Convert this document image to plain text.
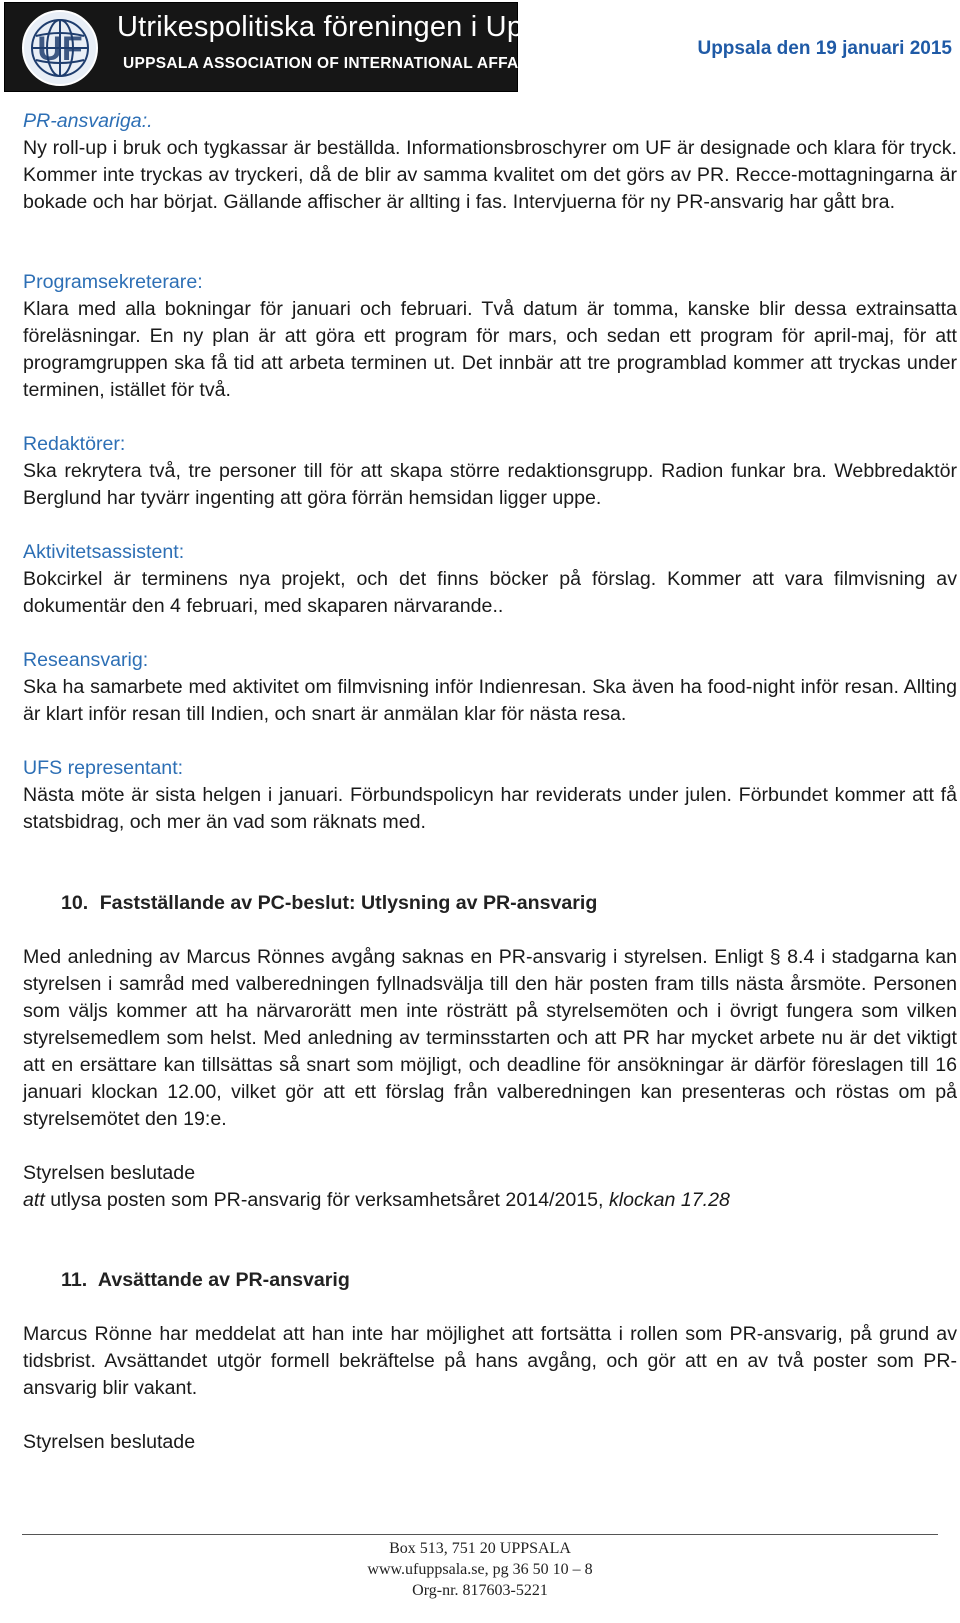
UF
Utrikespolitiska föreningen i Uppsala
UPPSALA ASSOCIATION OF INTERNATIONAL AFFAIRS
Uppsala den 19 januari 2015
PR-ansvariga:.

Ny roll-up i bruk och tygkassar är beställda. Informationsbroschyrer om UF är designade och klara för tryck. Kommer inte tryckas av tryckeri, då de blir av samma kvalitet om det görs av PR. Recce-mottagningarna är bokade och har börjat. Gällande affischer är allting i fas. Intervjuerna för ny PR-ansvarig har gått bra.

Programsekreterare:

Klara med alla bokningar för januari och februari. Två datum är tomma, kanske blir dessa extrainsatta föreläsningar. En ny plan är att göra ett program för mars, och sedan ett program för april-maj, för att programgruppen ska få tid att arbeta terminen ut. Det innbär att tre programblad kommer att tryckas under terminen, istället för två.

Redaktörer:

Ska rekrytera två, tre personer till för att skapa större redaktionsgrupp. Radion funkar bra. Webbredaktör Berglund har tyvärr ingenting att göra förrän hemsidan ligger uppe.

Aktivitetsassistent:

Bokcirkel är terminens nya projekt, och det finns böcker på förslag. Kommer att vara filmvisning av dokumentär den 4 februari, med skaparen närvarande..

Reseansvarig:

Ska ha samarbete med aktivitet om filmvisning inför Indienresan. Ska även ha food-night inför resan. Allting är klart inför resan till Indien, och snart är anmälan klar för nästa resa.

UFS representant:

Nästa möte är sista helgen i januari. Förbundspolicyn har reviderats under julen. Förbundet kommer att få statsbidrag, och mer än vad som räknats med.

10. Fastställande av PC-beslut: Utlysning av PR-ansvarig

Med anledning av Marcus Rönnes avgång saknas en PR-ansvarig i styrelsen. Enligt § 8.4 i stadgarna kan styrelsen i samråd med valberedningen fyllnadsvälja till den här posten fram tills nästa årsmöte. Personen som väljs kommer att ha närvarorätt men inte rösträtt på styrelsemöten och i övrigt fungera som vilken styrelsemedlem som helst. Med anledning av terminsstarten och att PR har mycket arbete nu är det viktigt att en ersättare kan tillsättas så snart som möjligt, och deadline för ansökningar är därför föreslagen till 16 januari klockan 12.00, vilket gör att ett förslag från valberedningen kan presenteras och röstas om på styrelsemötet den 19:e.

Styrelsen beslutade
att utlysa posten som PR-ansvarig för verksamhetsåret 2014/2015, klockan 17.28
11. Avsättande av PR-ansvarig

Marcus Rönne har meddelat att han inte har möjlighet att fortsätta i rollen som PR-ansvarig, på grund av tidsbrist. Avsättandet utgör formell bekräftelse på hans avgång, och gör att en av två poster som PR-ansvarig blir vakant.

Styrelsen beslutade
Box 513, 751 20 UPPSALA
www.ufuppsala.se, pg 36 50 10 – 8
Org-nr. 817603-5221
